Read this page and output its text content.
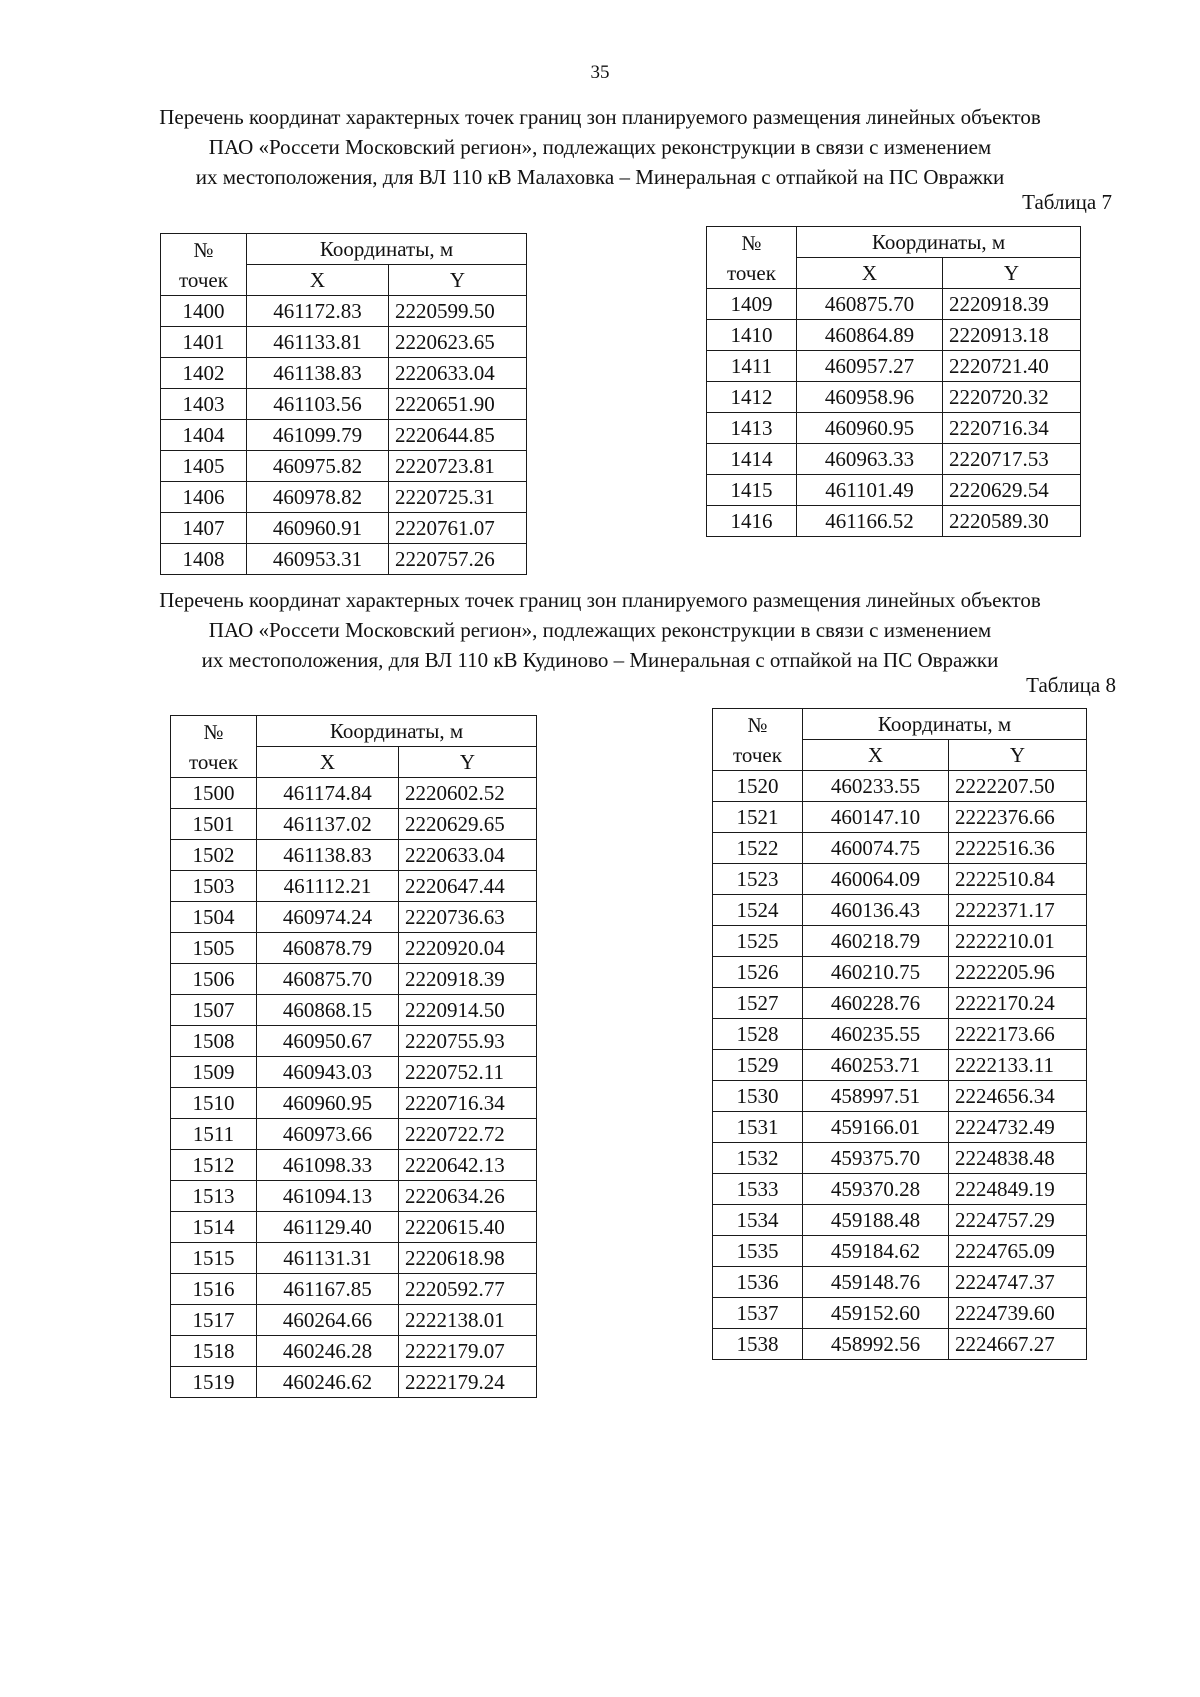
35
Перечень координат характерных точек границ зон планируемого размещения линейных объектов
ПАО «Россети Московский регион», подлежащих реконструкции в связи с изменением
их местоположения, для ВЛ 110 кВ Малаховка – Минеральная с отпайкой на ПС Овражки
Таблица 7
№
точек	Координаты, м	
	X	Y
1400	461172.83	2220599.50
1401	461133.81	2220623.65
1402	461138.83	2220633.04
1403	461103.56	2220651.90
1404	461099.79	2220644.85
1405	460975.82	2220723.81
1406	460978.82	2220725.31
1407	460960.91	2220761.07
1408	460953.31	2220757.26
№
точек	Координаты, м	
	X	Y
1409	460875.70	2220918.39
1410	460864.89	2220913.18
1411	460957.27	2220721.40
1412	460958.96	2220720.32
1413	460960.95	2220716.34
1414	460963.33	2220717.53
1415	461101.49	2220629.54
1416	461166.52	2220589.30
Перечень координат характерных точек границ зон планируемого размещения линейных объектов
ПАО «Россети Московский регион», подлежащих реконструкции в связи с изменением
их местоположения, для ВЛ 110 кВ Кудиново – Минеральная с отпайкой на ПС Овражки
Таблица 8
№
точек	Координаты, м	
	X	Y
1500	461174.84	2220602.52
1501	461137.02	2220629.65
1502	461138.83	2220633.04
1503	461112.21	2220647.44
1504	460974.24	2220736.63
1505	460878.79	2220920.04
1506	460875.70	2220918.39
1507	460868.15	2220914.50
1508	460950.67	2220755.93
1509	460943.03	2220752.11
1510	460960.95	2220716.34
1511	460973.66	2220722.72
1512	461098.33	2220642.13
1513	461094.13	2220634.26
1514	461129.40	2220615.40
1515	461131.31	2220618.98
1516	461167.85	2220592.77
1517	460264.66	2222138.01
1518	460246.28	2222179.07
1519	460246.62	2222179.24
№
точек	Координаты, м	
	X	Y
1520	460233.55	2222207.50
1521	460147.10	2222376.66
1522	460074.75	2222516.36
1523	460064.09	2222510.84
1524	460136.43	2222371.17
1525	460218.79	2222210.01
1526	460210.75	2222205.96
1527	460228.76	2222170.24
1528	460235.55	2222173.66
1529	460253.71	2222133.11
1530	458997.51	2224656.34
1531	459166.01	2224732.49
1532	459375.70	2224838.48
1533	459370.28	2224849.19
1534	459188.48	2224757.29
1535	459184.62	2224765.09
1536	459148.76	2224747.37
1537	459152.60	2224739.60
1538	458992.56	2224667.27
